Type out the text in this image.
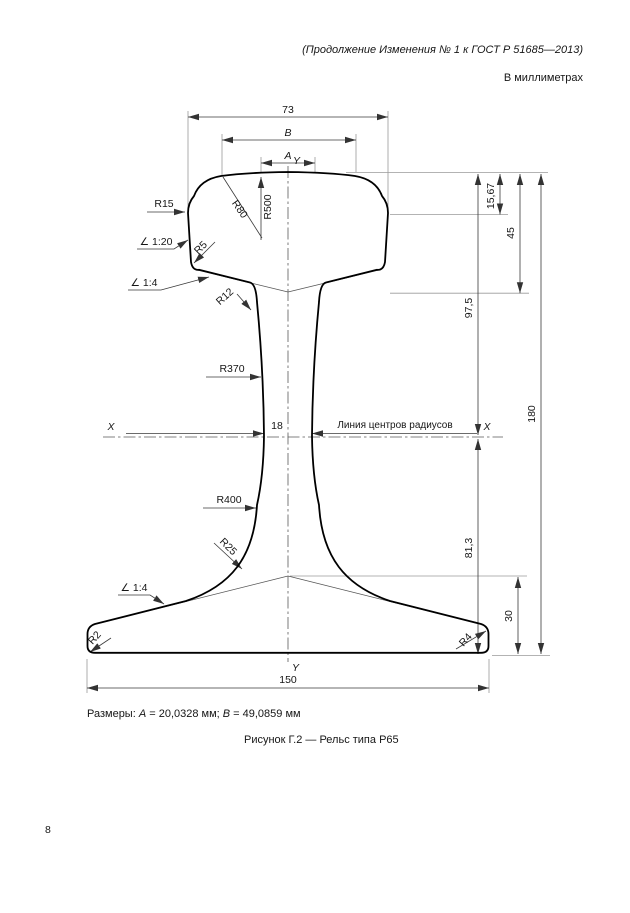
(Продолжение Изменения № 1 к ГОСТ Р 51685—2013)
В миллиметрах
73
B
A Y
Y
X	X
18	Линия центров радиусов
R500
R80
R15
R5
R12
R370
R400
R25
R2	R4
∠ 1:20
∠ 1:4
∠ 1:4
15,67
45
97,5
81,3
30
180
150
Размеры: A = 20,0328 мм; B = 49,0859 мм
Рисунок Г.2 — Рельс типа Р65
8
